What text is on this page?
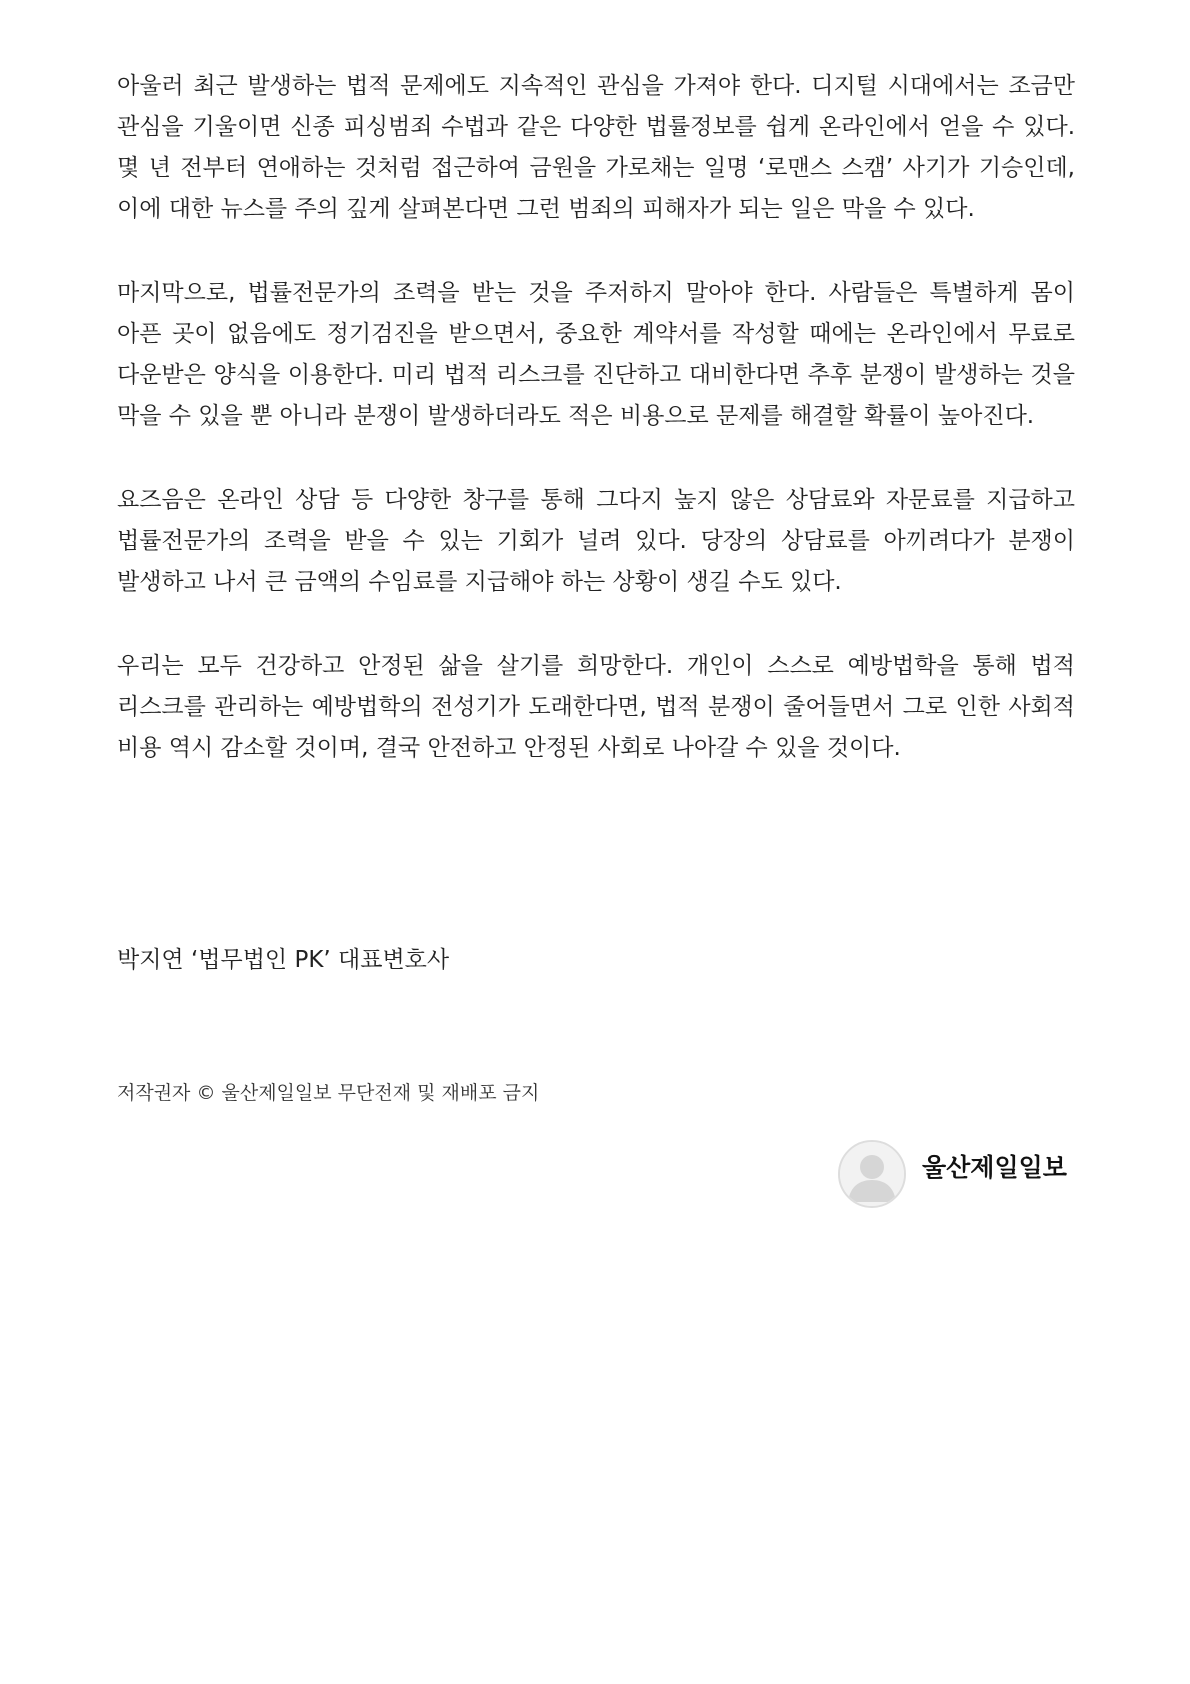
아울러 최근 발생하는 법적 문제에도 지속적인 관심을 가져야 한다. 디지털 시대에서는 조금만 관심을 기울이면 신종 피싱범죄 수법과 같은 다양한 법률정보를 쉽게 온라인에서 얻을 수 있다. 몇 년 전부터 연애하는 것처럼 접근하여 금원을 가로채는 일명 ‘로맨스 스캠’ 사기가 기승인데, 이에 대한 뉴스를 주의 깊게 살펴본다면 그런 범죄의 피해자가 되는 일은 막을 수 있다.

마지막으로, 법률전문가의 조력을 받는 것을 주저하지 말아야 한다. 사람들은 특별하게 몸이 아픈 곳이 없음에도 정기검진을 받으면서, 중요한 계약서를 작성할 때에는 온라인에서 무료로 다운받은 양식을 이용한다. 미리 법적 리스크를 진단하고 대비한다면 추후 분쟁이 발생하는 것을 막을 수 있을 뿐 아니라 분쟁이 발생하더라도 적은 비용으로 문제를 해결할 확률이 높아진다.

요즈음은 온라인 상담 등 다양한 창구를 통해 그다지 높지 않은 상담료와 자문료를 지급하고 법률전문가의 조력을 받을 수 있는 기회가 널려 있다. 당장의 상담료를 아끼려다가 분쟁이 발생하고 나서 큰 금액의 수임료를 지급해야 하는 상황이 생길 수도 있다.

우리는 모두 건강하고 안정된 삶을 살기를 희망한다. 개인이 스스로 예방법학을 통해 법적 리스크를 관리하는 예방법학의 전성기가 도래한다면, 법적 분쟁이 줄어들면서 그로 인한 사회적 비용 역시 감소할 것이며, 결국 안전하고 안정된 사회로 나아갈 수 있을 것이다.

박지연 ‘법무법인 PK’ 대표변호사

저작권자 © 울산제일일보 무단전재 및 재배포 금지

울산제일일보
